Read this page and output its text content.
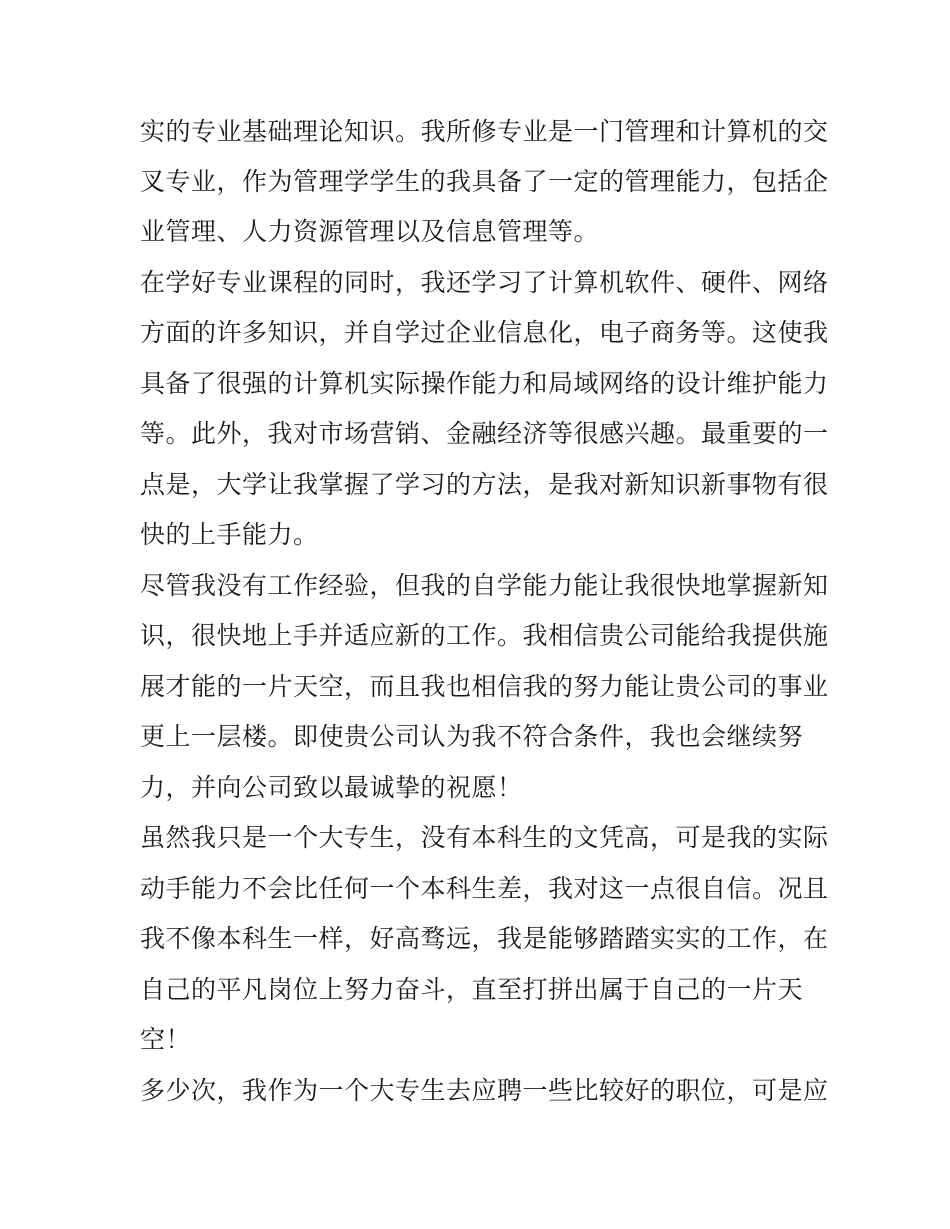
实的专业基础理论知识。我所修专业是一门管理和计算机的交
叉专业，作为管理学学生的我具备了一定的管理能力，包括企
业管理、人力资源管理以及信息管理等。
在学好专业课程的同时，我还学习了计算机软件、硬件、网络
方面的许多知识，并自学过企业信息化，电子商务等。这使我
具备了很强的计算机实际操作能力和局域网络的设计维护能力
等。此外，我对市场营销、金融经济等很感兴趣。最重要的一
点是，大学让我掌握了学习的方法，是我对新知识新事物有很
快的上手能力。
尽管我没有工作经验，但我的自学能力能让我很快地掌握新知
识，很快地上手并适应新的工作。我相信贵公司能给我提供施
展才能的一片天空，而且我也相信我的努力能让贵公司的事业
更上一层楼。即使贵公司认为我不符合条件，我也会继续努
力，并向公司致以最诚挚的祝愿！
虽然我只是一个大专生，没有本科生的文凭高，可是我的实际
动手能力不会比任何一个本科生差，我对这一点很自信。况且
我不像本科生一样，好高骛远，我是能够踏踏实实的工作，在
自己的平凡岗位上努力奋斗，直至打拼出属于自己的一片天
空！
多少次，我作为一个大专生去应聘一些比较好的职位，可是应
